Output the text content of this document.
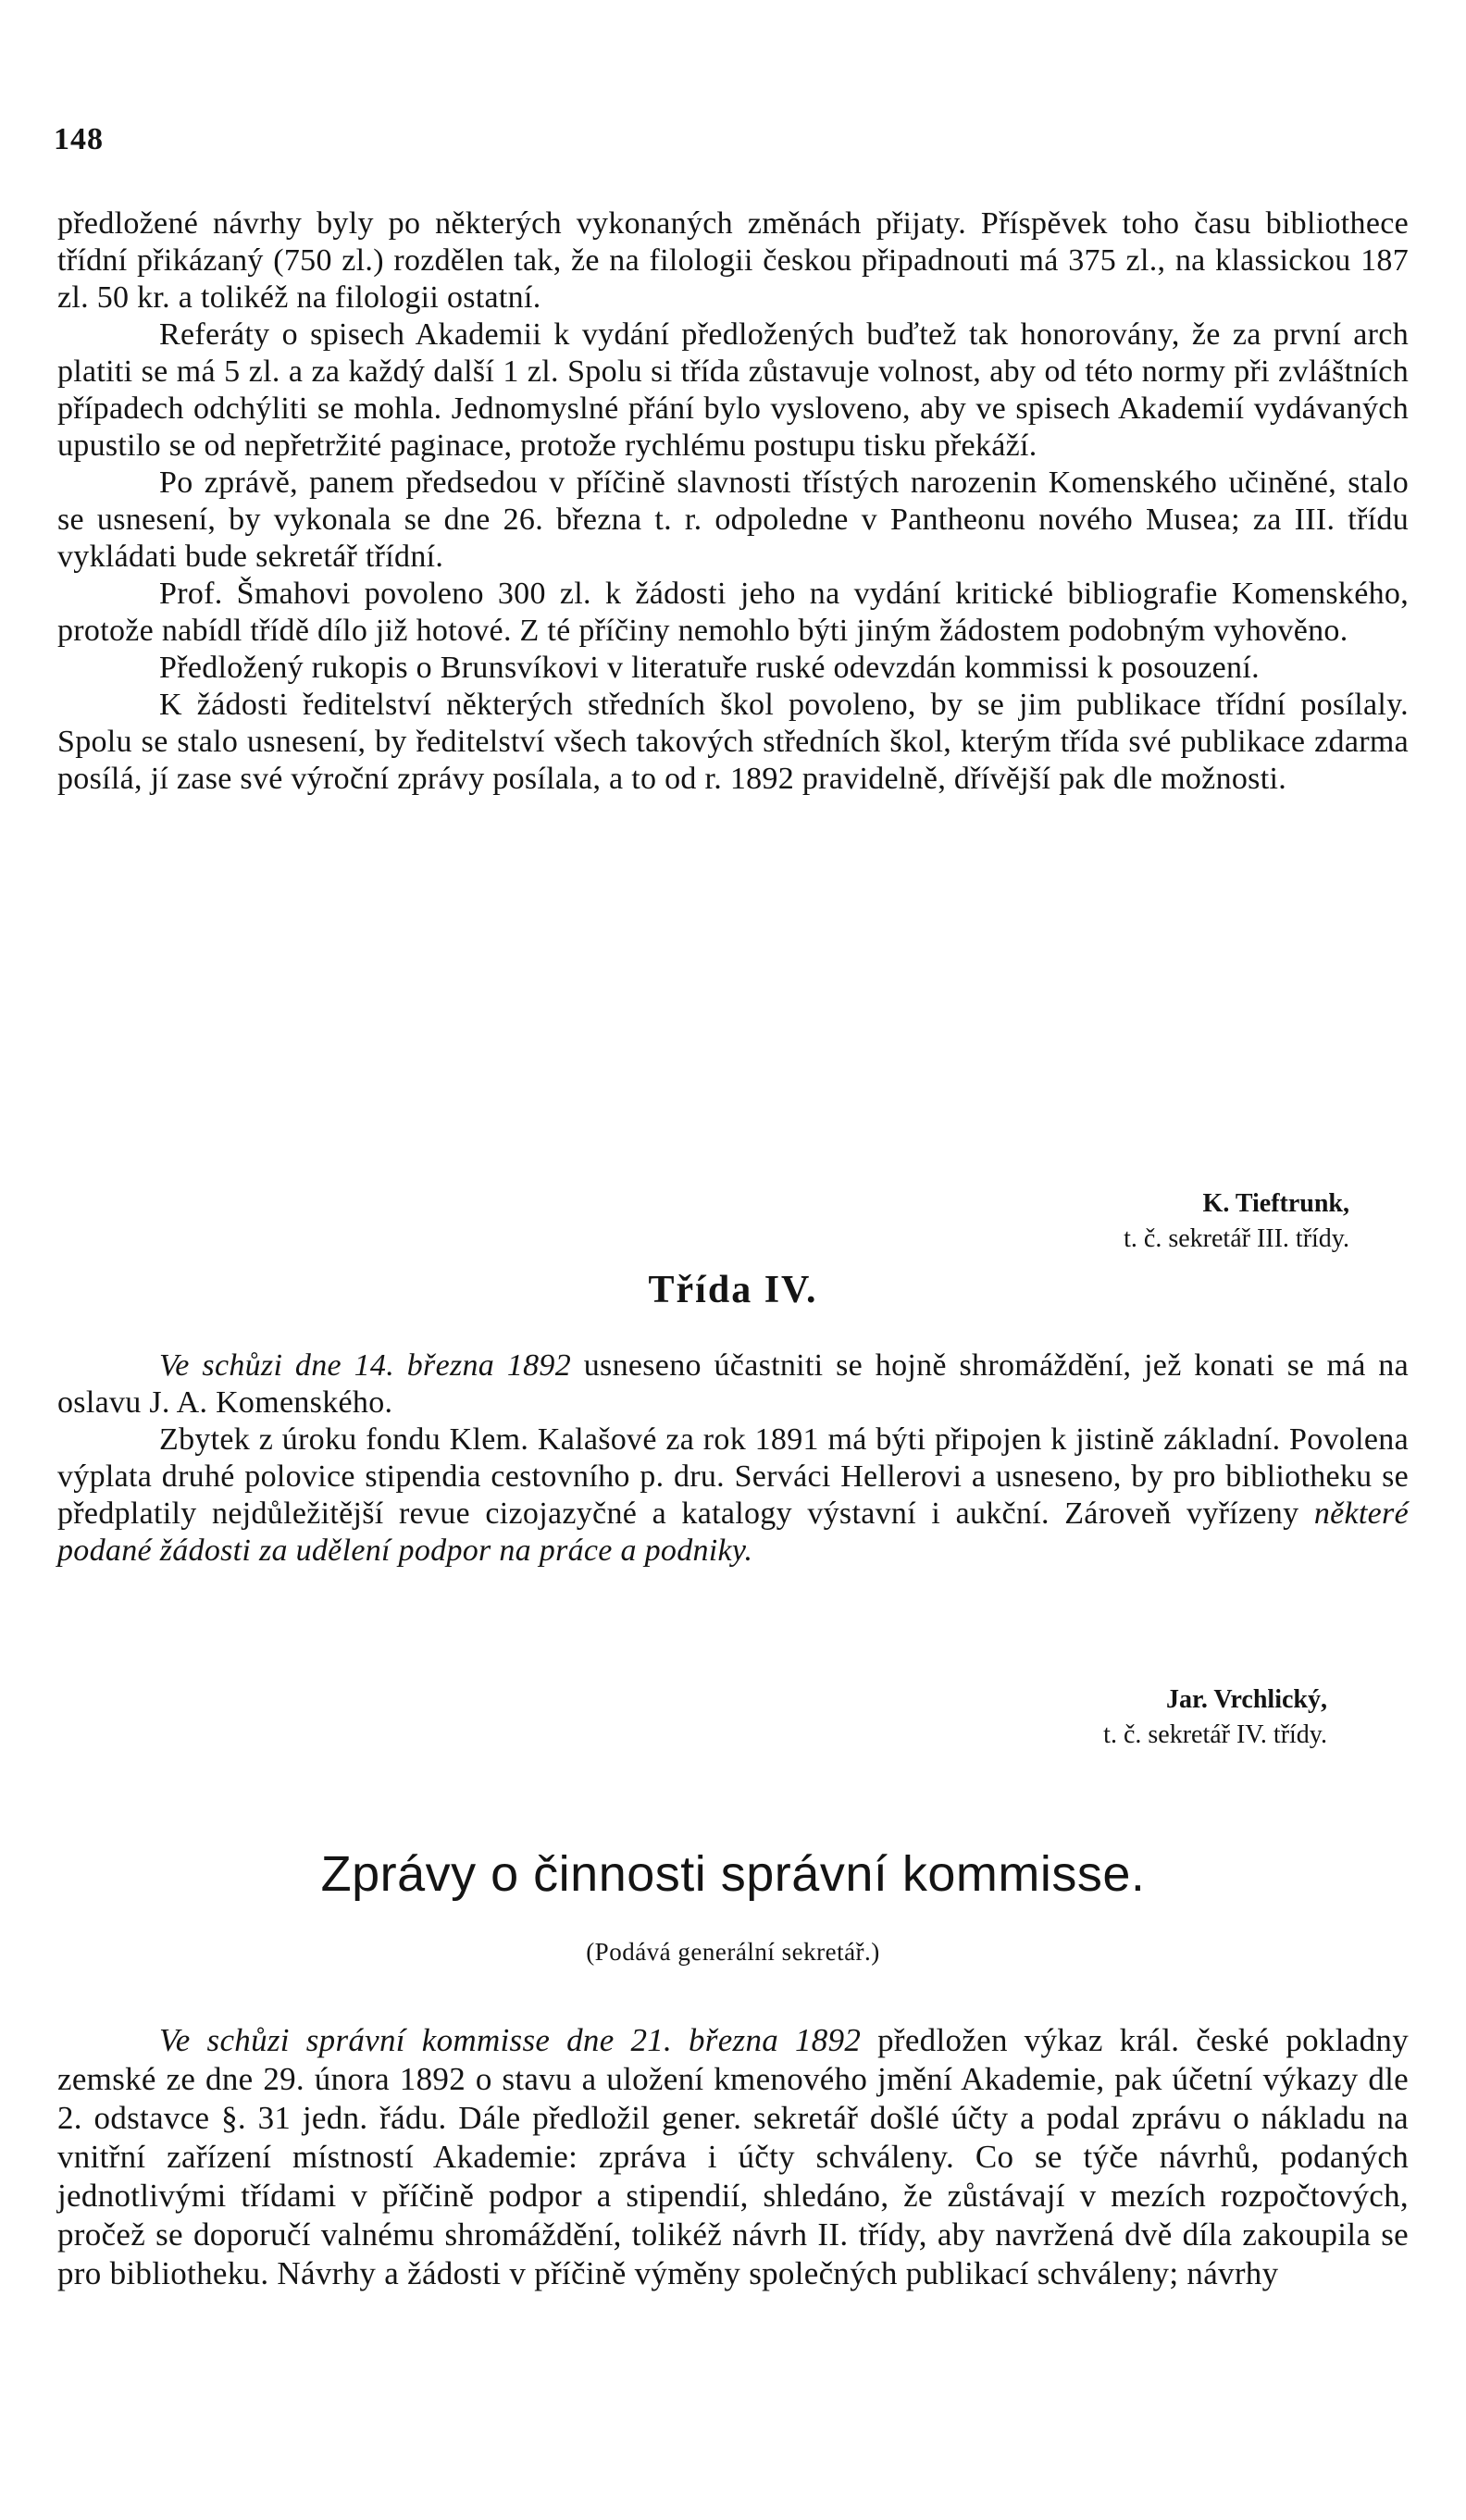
148

předložené návrhy byly po některých vykonaných změnách přijaty. Příspěvek toho času bibliothece třídní přikázaný (750 zl.) rozdělen tak, že na filologii českou připadnouti má 375 zl., na klassickou 187 zl. 50 kr. a tolikéž na filologii ostatní.

Referáty o spisech Akademii k vydání předložených buďtež tak honorovány, že za první arch platiti se má 5 zl. a za každý další 1 zl. Spolu si třída zůstavuje volnost, aby od této normy při zvláštních případech odchýliti se mohla. Jednomyslné přání bylo vysloveno, aby ve spisech Akademií vydávaných upustilo se od nepřetržité paginace, protože rychlému postupu tisku překáží.

Po zprávě, panem předsedou v příčině slavnosti třístých narozenin Komenského učiněné, stalo se usnesení, by vykonala se dne 26. března t. r. odpoledne v Pantheonu nového Musea; za III. třídu vykládati bude sekretář třídní.

Prof. Šmahovi povoleno 300 zl. k žádosti jeho na vydání kritické bibliografie Komenského, protože nabídl třídě dílo již hotové. Z té příčiny nemohlo býti jiným žádostem podobným vyhověno.

Předložený rukopis o Brunsvíkovi v literatuře ruské odevzdán kommissi k posouzení.

K žádosti ředitelství některých středních škol povoleno, by se jim publikace třídní posílaly. Spolu se stalo usnesení, by ředitelství všech takových středních škol, kterým třída své publikace zdarma posílá, jí zase své výroční zprávy posílala, a to od r. 1892 pravidelně, dřívější pak dle možnosti.

K. Tieftrunk,
t. č. sekretář III. třídy.
Třída IV.

Ve schůzi dne 14. března 1892 usneseno účastniti se hojně shromáždění, jež konati se má na oslavu J. A. Komenského.

Zbytek z úroku fondu Klem. Kalašové za rok 1891 má býti připojen k jistině základní. Povolena výplata druhé polovice stipendia cestovního p. dru. Serváci Hellerovi a usneseno, by pro bibliotheku se předplatily nejdůležitější revue cizojazyčné a katalogy výstavní i aukční. Zároveň vyřízeny některé podané žádosti za udělení podpor na práce a podniky.

Jar. Vrchlický,
t. č. sekretář IV. třídy.
Zprávy o činnosti správní kommisse.
(Podává generální sekretář.)

Ve schůzi správní kommisse dne 21. března 1892 předložen výkaz král. české pokladny zemské ze dne 29. února 1892 o stavu a uložení kmenového jmění Akademie, pak účetní výkazy dle 2. odstavce §. 31 jedn. řádu. Dále předložil gener. sekretář došlé účty a podal zprávu o nákladu na vnitřní zařízení místností Akademie: zpráva i účty schváleny. Co se týče návrhů, podaných jednotlivými třídami v příčině podpor a stipendií, shledáno, že zůstávají v mezích rozpočtových, pročež se doporučí valnému shromáždění, tolikéž návrh II. třídy, aby navržená dvě díla zakoupila se pro bibliotheku. Návrhy a žádosti v příčině výměny společných publikací schváleny; návrhy
